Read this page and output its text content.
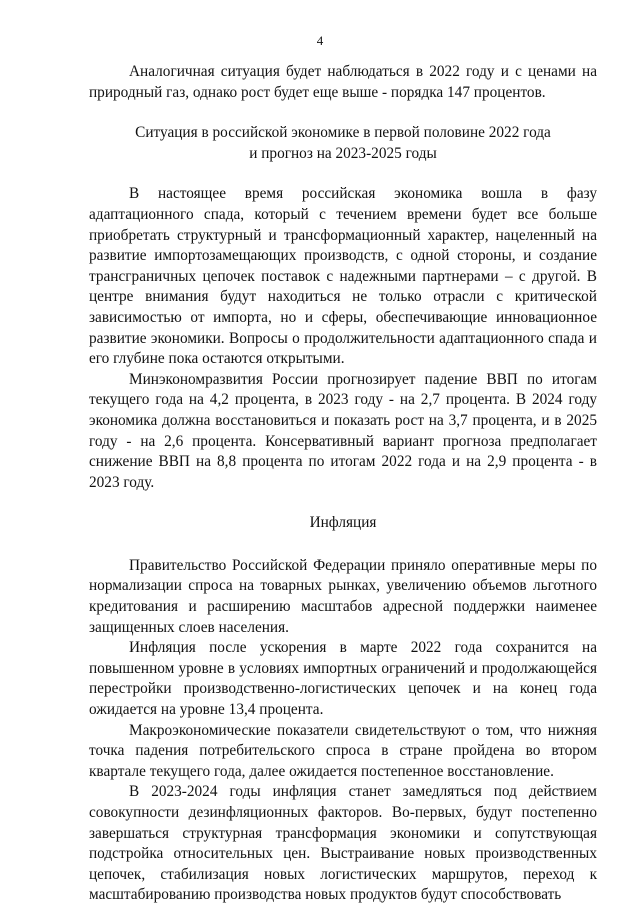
4

Аналогичная ситуация будет наблюдаться в 2022 году и с ценами на природный газ, однако рост будет еще выше - порядка 147 процентов.

Ситуация в российской экономике в первой половине 2022 года
и прогноз на 2023-2025 годы

В настоящее время российская экономика вошла в фазу адаптационного спада, который с течением времени будет все больше приобретать структурный и трансформационный характер, нацеленный на развитие импортозамещающих производств, с одной стороны, и создание трансграничных цепочек поставок с надежными партнерами – с другой. В центре внимания будут находиться не только отрасли с критической зависимостью от импорта, но и сферы, обеспечивающие инновационное развитие экономики. Вопросы о продолжительности адаптационного спада и его глубине пока остаются открытыми.

Минэкономразвития России прогнозирует падение ВВП по итогам текущего года на 4,2 процента, в 2023 году - на 2,7 процента. В 2024 году экономика должна восстановиться и показать рост на 3,7 процента, и в 2025 году - на 2,6 процента. Консервативный вариант прогноза предполагает снижение ВВП на 8,8 процента по итогам 2022 года и на 2,9 процента - в 2023 году.

Инфляция

Правительство Российской Федерации приняло оперативные меры по нормализации спроса на товарных рынках, увеличению объемов льготного кредитования и расширению масштабов адресной поддержки наименее защищенных слоев населения.

Инфляция после ускорения в марте 2022 года сохранится на повышенном уровне в условиях импортных ограничений и продолжающейся перестройки производственно-логистических цепочек и на конец года ожидается на уровне 13,4 процента.

Макроэкономические показатели свидетельствуют о том, что нижняя точка падения потребительского спроса в стране пройдена во втором квартале текущего года, далее ожидается постепенное восстановление.

В 2023-2024 годы инфляция станет замедляться под действием совокупности дезинфляционных факторов. Во-первых, будут постепенно завершаться структурная трансформация экономики и сопутствующая подстройка относительных цен. Выстраивание новых производственных цепочек, стабилизация новых логистических маршрутов, переход к масштабированию производства новых продуктов будут способствовать
